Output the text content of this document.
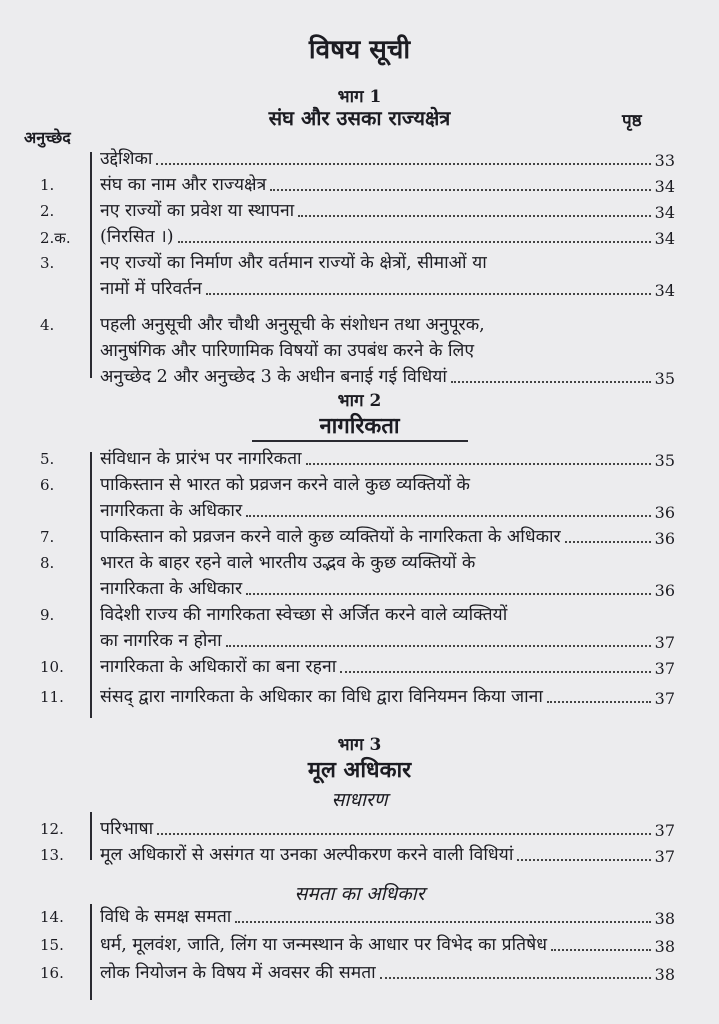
विषय सूची
भाग 1
संघ और उसका राज्यक्षेत्र
अनुच्छेद
पृष्ठ
उद्देशिका	33
1.	संघ का नाम और राज्यक्षेत्र	34
2.	नए राज्यों का प्रवेश या स्थापना	34
2.क. (निरसित ।)	34
3.	नए राज्यों का निर्माण और वर्तमान राज्यों के क्षेत्रों, सीमाओं या
नामों में परिवर्तन	34
4.	पहली अनुसूची और चौथी अनुसूची के संशोधन तथा अनुपूरक,
आनुषंगिक और पारिणामिक विषयों का उपबंध करने के लिए
अनुच्छेद 2 और अनुच्छेद 3 के अधीन बनाई गई विधियां	35
भाग 2
नागरिकता
5.	संविधान के प्रारंभ पर नागरिकता	35
6.	पाकिस्तान से भारत को प्रव्रजन करने वाले कुछ व्यक्तियों के
नागरिकता के अधिकार	36
7.	पाकिस्तान को प्रव्रजन करने वाले कुछ व्यक्तियों के नागरिकता के अधिकार	36
8.	भारत के बाहर रहने वाले भारतीय उद्भव के कुछ व्यक्तियों के
नागरिकता के अधिकार	36
9.	विदेशी राज्य की नागरिकता स्वेच्छा से अर्जित करने वाले व्यक्तियों
का नागरिक न होना	37
10. नागरिकता के अधिकारों का बना रहना	37
11. संसद् द्वारा नागरिकता के अधिकार का विधि द्वारा विनियमन किया जाना	37
भाग 3
मूल अधिकार
साधारण
समता का अधिकार
12. परिभाषा	37
13. मूल अधिकारों से असंगत या उनका अल्पीकरण करने वाली विधियां	37
14. विधि के समक्ष समता	38
15. धर्म, मूलवंश, जाति, लिंग या जन्मस्थान के आधार पर विभेद का प्रतिषेध	38
16. लोक नियोजन के विषय में अवसर की समता	38
